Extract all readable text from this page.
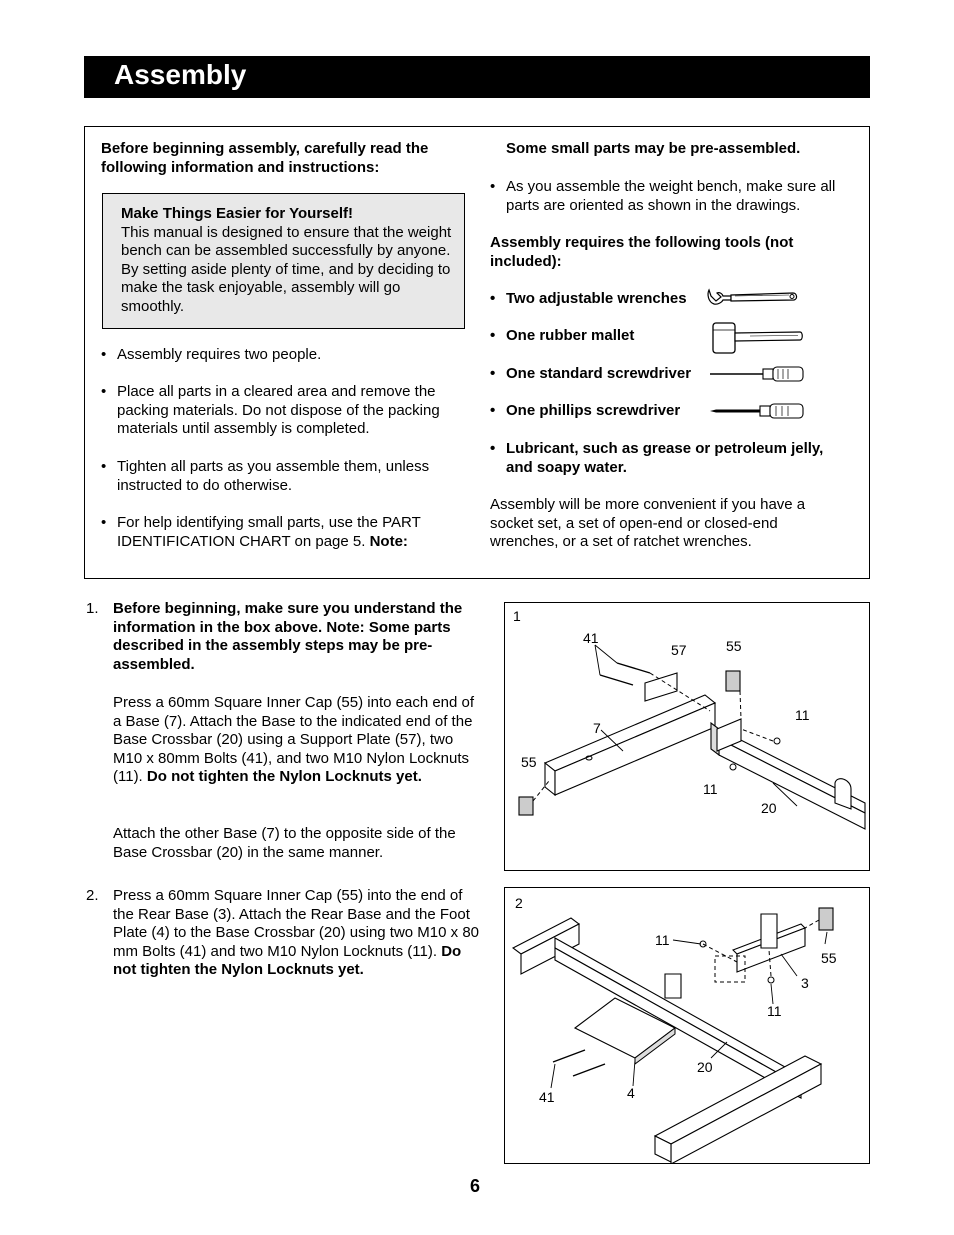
Assembly
Before beginning assembly, carefully read the following information and instructions:
Make Things Easier for Yourself!
This manual is designed to ensure that the weight bench can be assembled successfully by anyone. By setting aside plenty of time, and by deciding to make the task enjoyable, assembly will go smoothly.
• Assembly requires two people.
• Place all parts in a cleared area and remove the packing materials. Do not dispose of the packing materials until assembly is completed.
• Tighten all parts as you assemble them, unless instructed to do otherwise.
• For help identifying small parts, use the PART IDENTIFICATION CHART on page 5. Note:
Some small parts may be pre-assembled.
• As you assemble the weight bench, make sure all parts are oriented as shown in the drawings.
Assembly requires the following tools (not included):
• Two adjustable wrenches
• One rubber mallet
• One standard screwdriver
• One phillips screwdriver
• Lubricant, such as grease or petroleum jelly, and soapy water.
Assembly will be more convenient if you have a socket set, a set of open-end or closed-end wrenches, or a set of ratchet wrenches.
1. Before beginning, make sure you understand the information in the box above. Note: Some parts described in the assembly steps may be pre-assembled.
Press a 60mm Square Inner Cap (55) into each end of a Base (7). Attach the Base to the indicated end of the Base Crossbar (20) using a Support Plate (57), two M10 x 80mm Bolts (41), and two M10 Nylon Locknuts (11). Do not tighten the Nylon Locknuts yet.
Attach the other Base (7) to the opposite side of the Base Crossbar (20) in the same manner.
2. Press a 60mm Square Inner Cap (55) into the end of the Rear Base (3). Attach the Rear Base and the Foot Plate (4) to the Base Crossbar (20) using two M10 x 80 mm Bolts (41) and two M10 Nylon Locknuts (11). Do not tighten the Nylon Locknuts yet.
1
41
57	55
11
7
55
11
20
2
11
55
3
11
20
41	4
6
